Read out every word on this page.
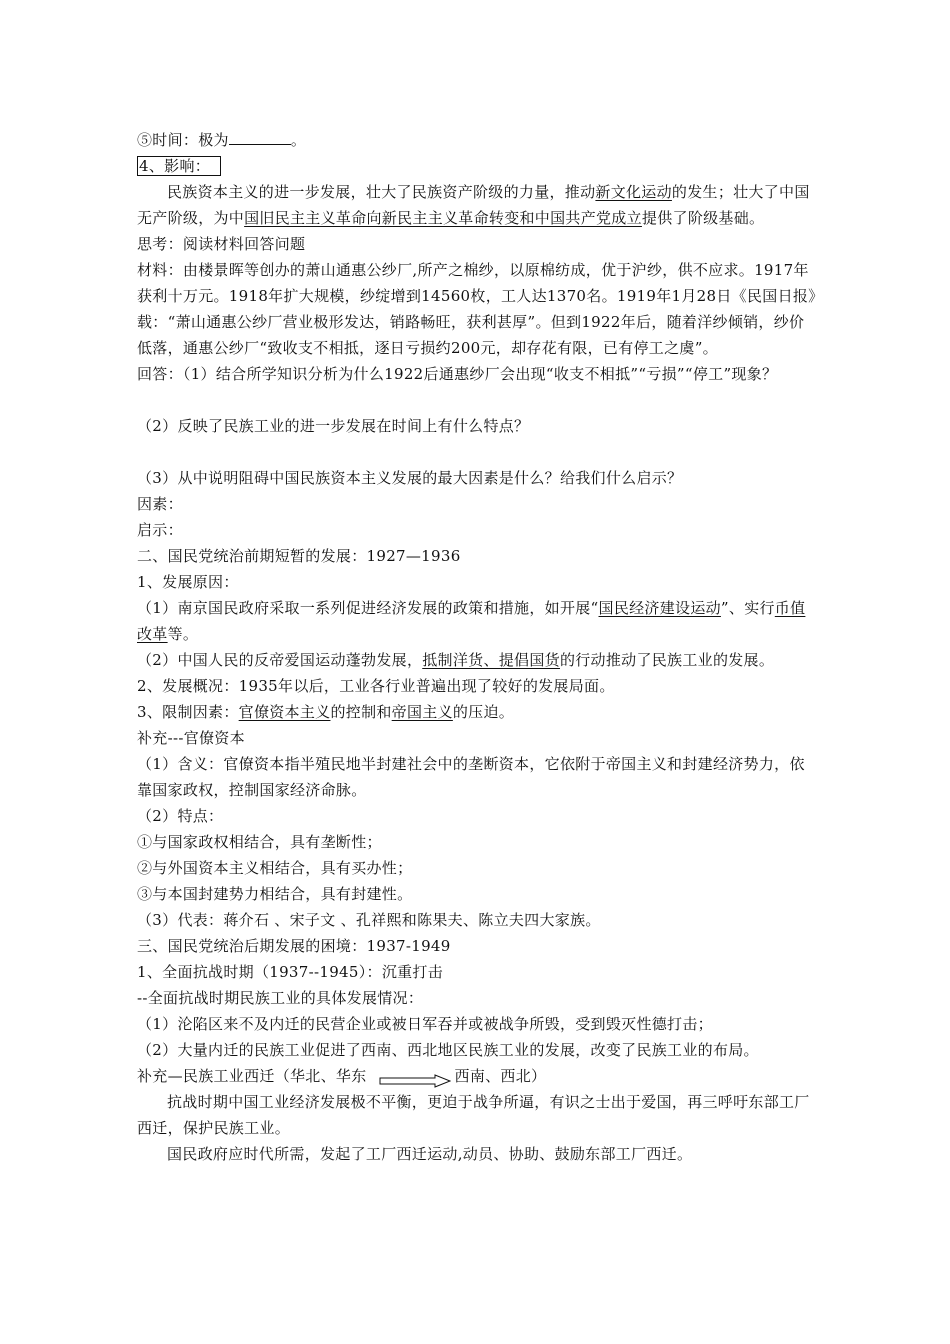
⑤时间：极为	。

4、影响：

民族资本主义的进一步发展，壮大了民族资产阶级的力量，推动新文化运动的发生；壮大了中国无产阶级，为中国旧民主主义革命向新民主主义革命转变和中国共产党成立提供了阶级基础。

思考：阅读材料回答问题

材料：由楼景晖等创办的萧山通惠公纱厂,所产之棉纱，以原棉纺成，优于沪纱，供不应求。1917年获利十万元。1918年扩大规模，纱绽增到14560枚，工人达1370名。1919年1月28日《民国日报》载：“萧山通惠公纱厂营业极形发达，销路畅旺，获利甚厚”。但到1922年后，随着洋纱倾销，纱价低落，通惠公纱厂“致收支不相抵，逐日亏损约200元，却存花有限，已有停工之虞”。

回答：（1）结合所学知识分析为什么1922后通惠纱厂会出现“收支不相抵”“亏损”“停工”现象？

（2）反映了民族工业的进一步发展在时间上有什么特点？

（3）从中说明阻碍中国民族资本主义发展的最大因素是什么？给我们什么启示？

因素：

启示：

二、国民党统治前期短暂的发展：1927—1936

1、发展原因：

（1）南京国民政府采取一系列促进经济发展的政策和措施，如开展“国民经济建设运动”、实行币值改革等。

（2）中国人民的反帝爱国运动蓬勃发展，抵制洋货、提倡国货的行动推动了民族工业的发展。

2、发展概况：1935年以后，工业各行业普遍出现了较好的发展局面。

3、限制因素：官僚资本主义的控制和帝国主义的压迫。

补充---官僚资本

（1）含义：官僚资本指半殖民地半封建社会中的垄断资本，它依附于帝国主义和封建经济势力，依靠国家政权，控制国家经济命脉。

（2）特点：

①与国家政权相结合，具有垄断性；

②与外国资本主义相结合，具有买办性；

③与本国封建势力相结合，具有封建性。

（3）代表：蒋介石 、宋子文 、孔祥熙和陈果夫、陈立夫四大家族。

三、国民党统治后期发展的困境：1937-1949

1、全面抗战时期（1937--1945）：沉重打击

--全面抗战时期民族工业的具体发展情况：

（1）沦陷区来不及内迁的民营企业或被日军吞并或被战争所毁，受到毁灭性德打击；

（2）大量内迁的民族工业促进了西南、西北地区民族工业的发展，改变了民族工业的布局。

补充—民族工业西迁（华北、华东	西南、西北）

抗战时期中国工业经济发展极不平衡，更迫于战争所逼，有识之士出于爱国，再三呼吁东部工厂西迁，保护民族工业。

国民政府应时代所需，发起了工厂西迁运动,动员、协助、鼓励东部工厂西迁。
